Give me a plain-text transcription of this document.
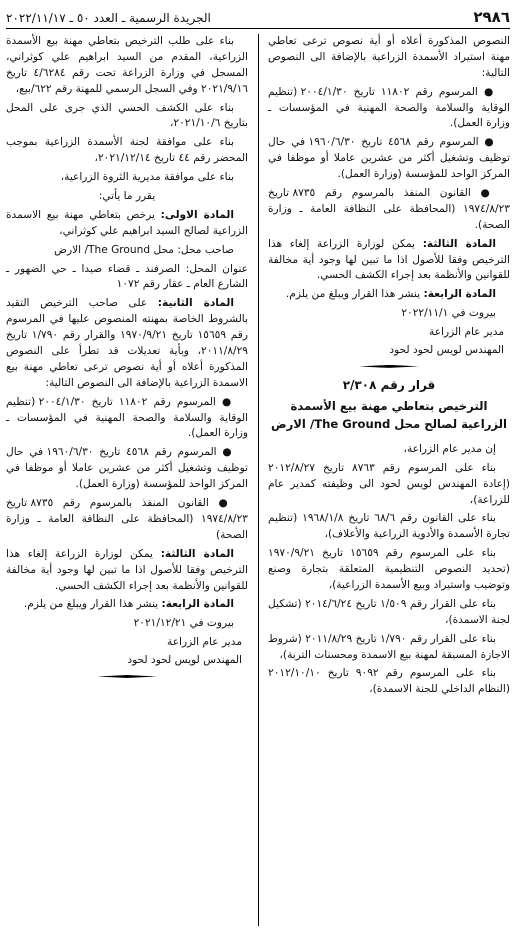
٢٩٨٦
الجريدة الرسمية ـ العدد ٥٠ ـ ٢٠٢٢/١١/١٧

النصوص المذكورة أعلاه أو أية نصوص ترعى تعاطي مهنة استيراد الأسمدة الزراعية بالإضافة الى النصوص التالية:

● المرسوم رقم ١١٨٠٢ تاريخ ٢٠٠٤/١/٣٠ (تنظيم الوقاية والسلامة والصحة المهنية في المؤسسات ـ وزارة العمل).

● المرسوم رقم ٤٥٦٨ تاريخ ١٩٦٠/٦/٣٠ في حال توظيف وتشغيل أكثر من عشرين عاملا أو موظفا في المركز الواحد للمؤسسة (وزارة العمل).

● القانون المنفذ بالمرسوم رقم ٨٧٣٥ تاريخ ١٩٧٤/٨/٢٣ (المحافظة على النظافة العامة ـ وزارة الصحة).

المادة الثالثة: يمكن لوزارة الزراعة إلغاء هذا الترخيص وفقا للأصول اذا ما تبين لها وجود أية مخالفة للقوانين والأنظمة بعد إجراء الكشف الحسي.

المادة الرابعة: ينشر هذا القرار ويبلغ من يلزم.

بيروت في ٢٠٢٢/١١/١

مدير عام الزراعة

المهندس لويس لحود لحود

قرار رقم ٢/٣٠٨
الترخيص بتعاطي مهنة بيع الأسمدة الزراعية لصالح محل The Ground/ الارض

إن مدير عام الزراعة،

بناء على المرسوم رقم ٨٧٦٣ تاريخ ٢٠١٢/٨/٢٧ (إعادة المهندس لويس لحود الى وظيفته كمدير عام للزراعة)،

بناء على القانون رقم ٦٨/٦ تاريخ ١٩٦٨/١/٨ (تنظيم تجارة الأسمدة والأدوية الزراعية والأعلاف)،

بناء على المرسوم رقم ١٥٦٥٩ تاريخ ١٩٧٠/٩/٢١ (تحديد النصوص التنظيمية المتعلقة بتجارة وصنع وتوضيب واستيراد وبيع الأسمدة الزراعية)،

بناء على القرار رقم ١/٥٠٩ تاريخ ٢٠١٤/٦/٢٤ (تشكيل لجنة الاسمدة)،

بناء على القرار رقم ١/٧٩٠ تاريخ ٢٠١١/٨/٢٩ (شروط الاجازة المسبقة لمهنة بيع الاسمدة ومحسنات التربة)،

بناء على المرسوم رقم ٩٠٩٢ تاريخ ٢٠١٢/١٠/١٠ (النظام الداخلي للجنة الاسمدة)،

بناء على طلب الترخيص بتعاطي مهنة بيع الأسمدة الزراعية، المقدم من السيد ابراهيم علي كوثراني، المسجل في وزارة الزراعة تحت رقم ٤/٦٢٨٤ تاريخ ٢٠٢١/٩/١٦ وفي السجل الرسمي للمهنة رقم ٦٢٢/بيع،

بناء على الكشف الحسي الذي جرى على المحل بتاريخ ٢٠٢١/١٠/٦،

بناء على موافقة لجنة الأسمدة الزراعية بموجب المحضر رقم ٤٤ تاريخ ٢٠٢١/١٢/١٤،

بناء على موافقة مديرية الثروة الزراعية،

يقرر ما يأتي:

المادة الاولى: يرخص بتعاطي مهنة بيع الاسمدة الزراعية لصالح السيد ابراهيم علي كوثراني،

صاحب محل: محل The Ground/ الارض

عنوان المحل: الصرفند ـ قضاء صيدا ـ حي الضهور ـ الشارع العام ـ عقار رقم ١٠٧٢

المادة الثانية: على صاحب الترخيص التقيد بالشروط الخاصة بمهنته المنصوص عليها في المرسوم رقم ١٥٦٥٩ تاريخ ١٩٧٠/٩/٢١ والقرار رقم ١/٧٩٠ تاريخ ٢٠١١/٨/٢٩، وبأية تعديلات قد تطرأ على النصوص المذكورة أعلاه أو أية نصوص ترعى تعاطي مهنة بيع الاسمدة الزراعية بالإضافة الى النصوص التالية:

● المرسوم رقم ١١٨٠٢ تاريخ ٢٠٠٤/١/٣٠ (تنظيم الوقاية والسلامة والصحة المهنية في المؤسسات ـ وزارة العمل).

● المرسوم رقم ٤٥٦٨ تاريخ ١٩٦٠/٦/٣٠ في حال توظيف وتشغيل أكثر من عشرين عاملا أو موظفا في المركز الواحد للمؤسسة (وزارة العمل).

● القانون المنفذ بالمرسوم رقم ٨٧٣٥ تاريخ ١٩٧٤/٨/٢٣ (المحافظة على النظافة العامة ـ وزارة الصحة)

المادة الثالثة: يمكن لوزارة الزراعة إلغاء هذا الترخيص وفقا للأصول اذا ما تبين لها وجود أية مخالفة للقوانين والأنظمة بعد إجراء الكشف الحسي.

المادة الرابعة: ينشر هذا القرار ويبلغ من يلزم.

بيروت في ٢٠٢١/١٢/٢١

مدير عام الزراعة

المهندس لويس لحود لحود
